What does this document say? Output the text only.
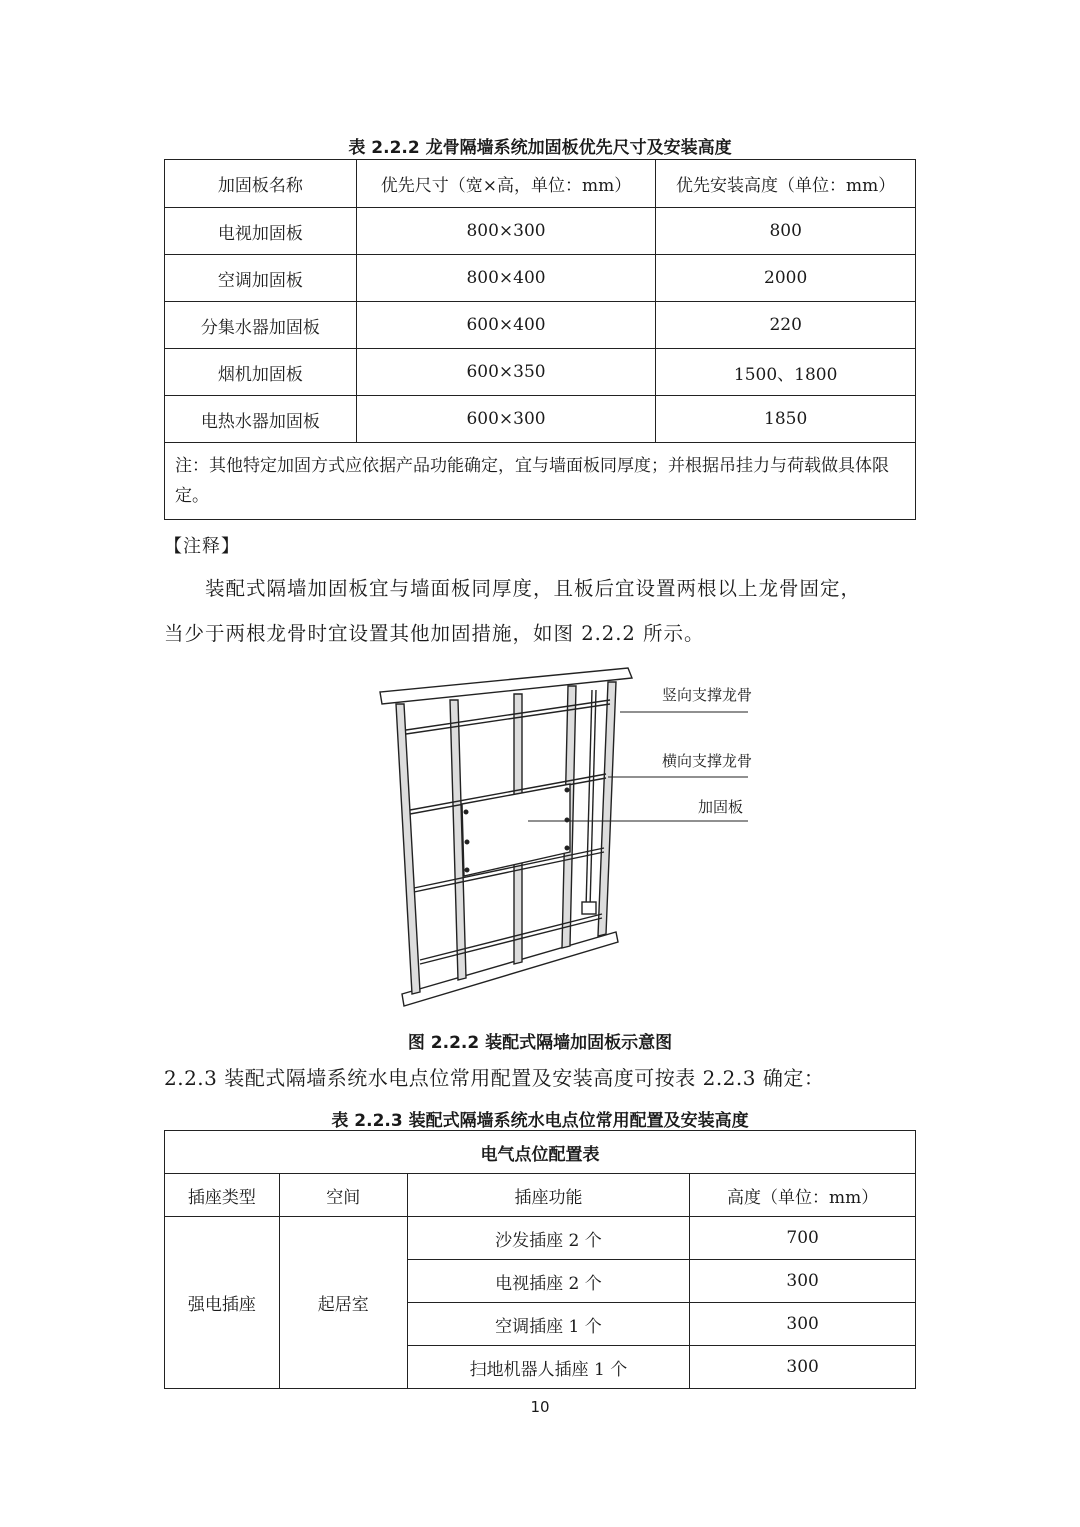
表 2.2.2 龙骨隔墙系统加固板优先尺寸及安装高度
加固板名称	优先尺寸（宽×高，单位：mm）	优先安装高度（单位：mm）
电视加固板	800×300	800
空调加固板	800×400	2000
分集水器加固板	600×400	220
烟机加固板	600×350	1500、1800
电热水器加固板	600×300	1850
注：其他特定加固方式应依据产品功能确定，宜与墙面板同厚度；并根据吊挂力与荷载做具体限定。		
【注释】
装配式隔墙加固板宜与墙面板同厚度，且板后宜设置两根以上龙骨固定，
当少于两根龙骨时宜设置其他加固措施，如图 2.2.2 所示。
竖向支撑龙骨
横向支撑龙骨
加固板
图 2.2.2 装配式隔墙加固板示意图
2.2.3 装配式隔墙系统水电点位常用配置及安装高度可按表 2.2.3 确定：
表 2.2.3 装配式隔墙系统水电点位常用配置及安装高度
电气点位配置表			
插座类型	空间	插座功能	高度（单位：mm）
强电插座	起居室	沙发插座 2 个	700
		电视插座 2 个	300
		空调插座 1 个	300
		扫地机器人插座 1 个	300
10
